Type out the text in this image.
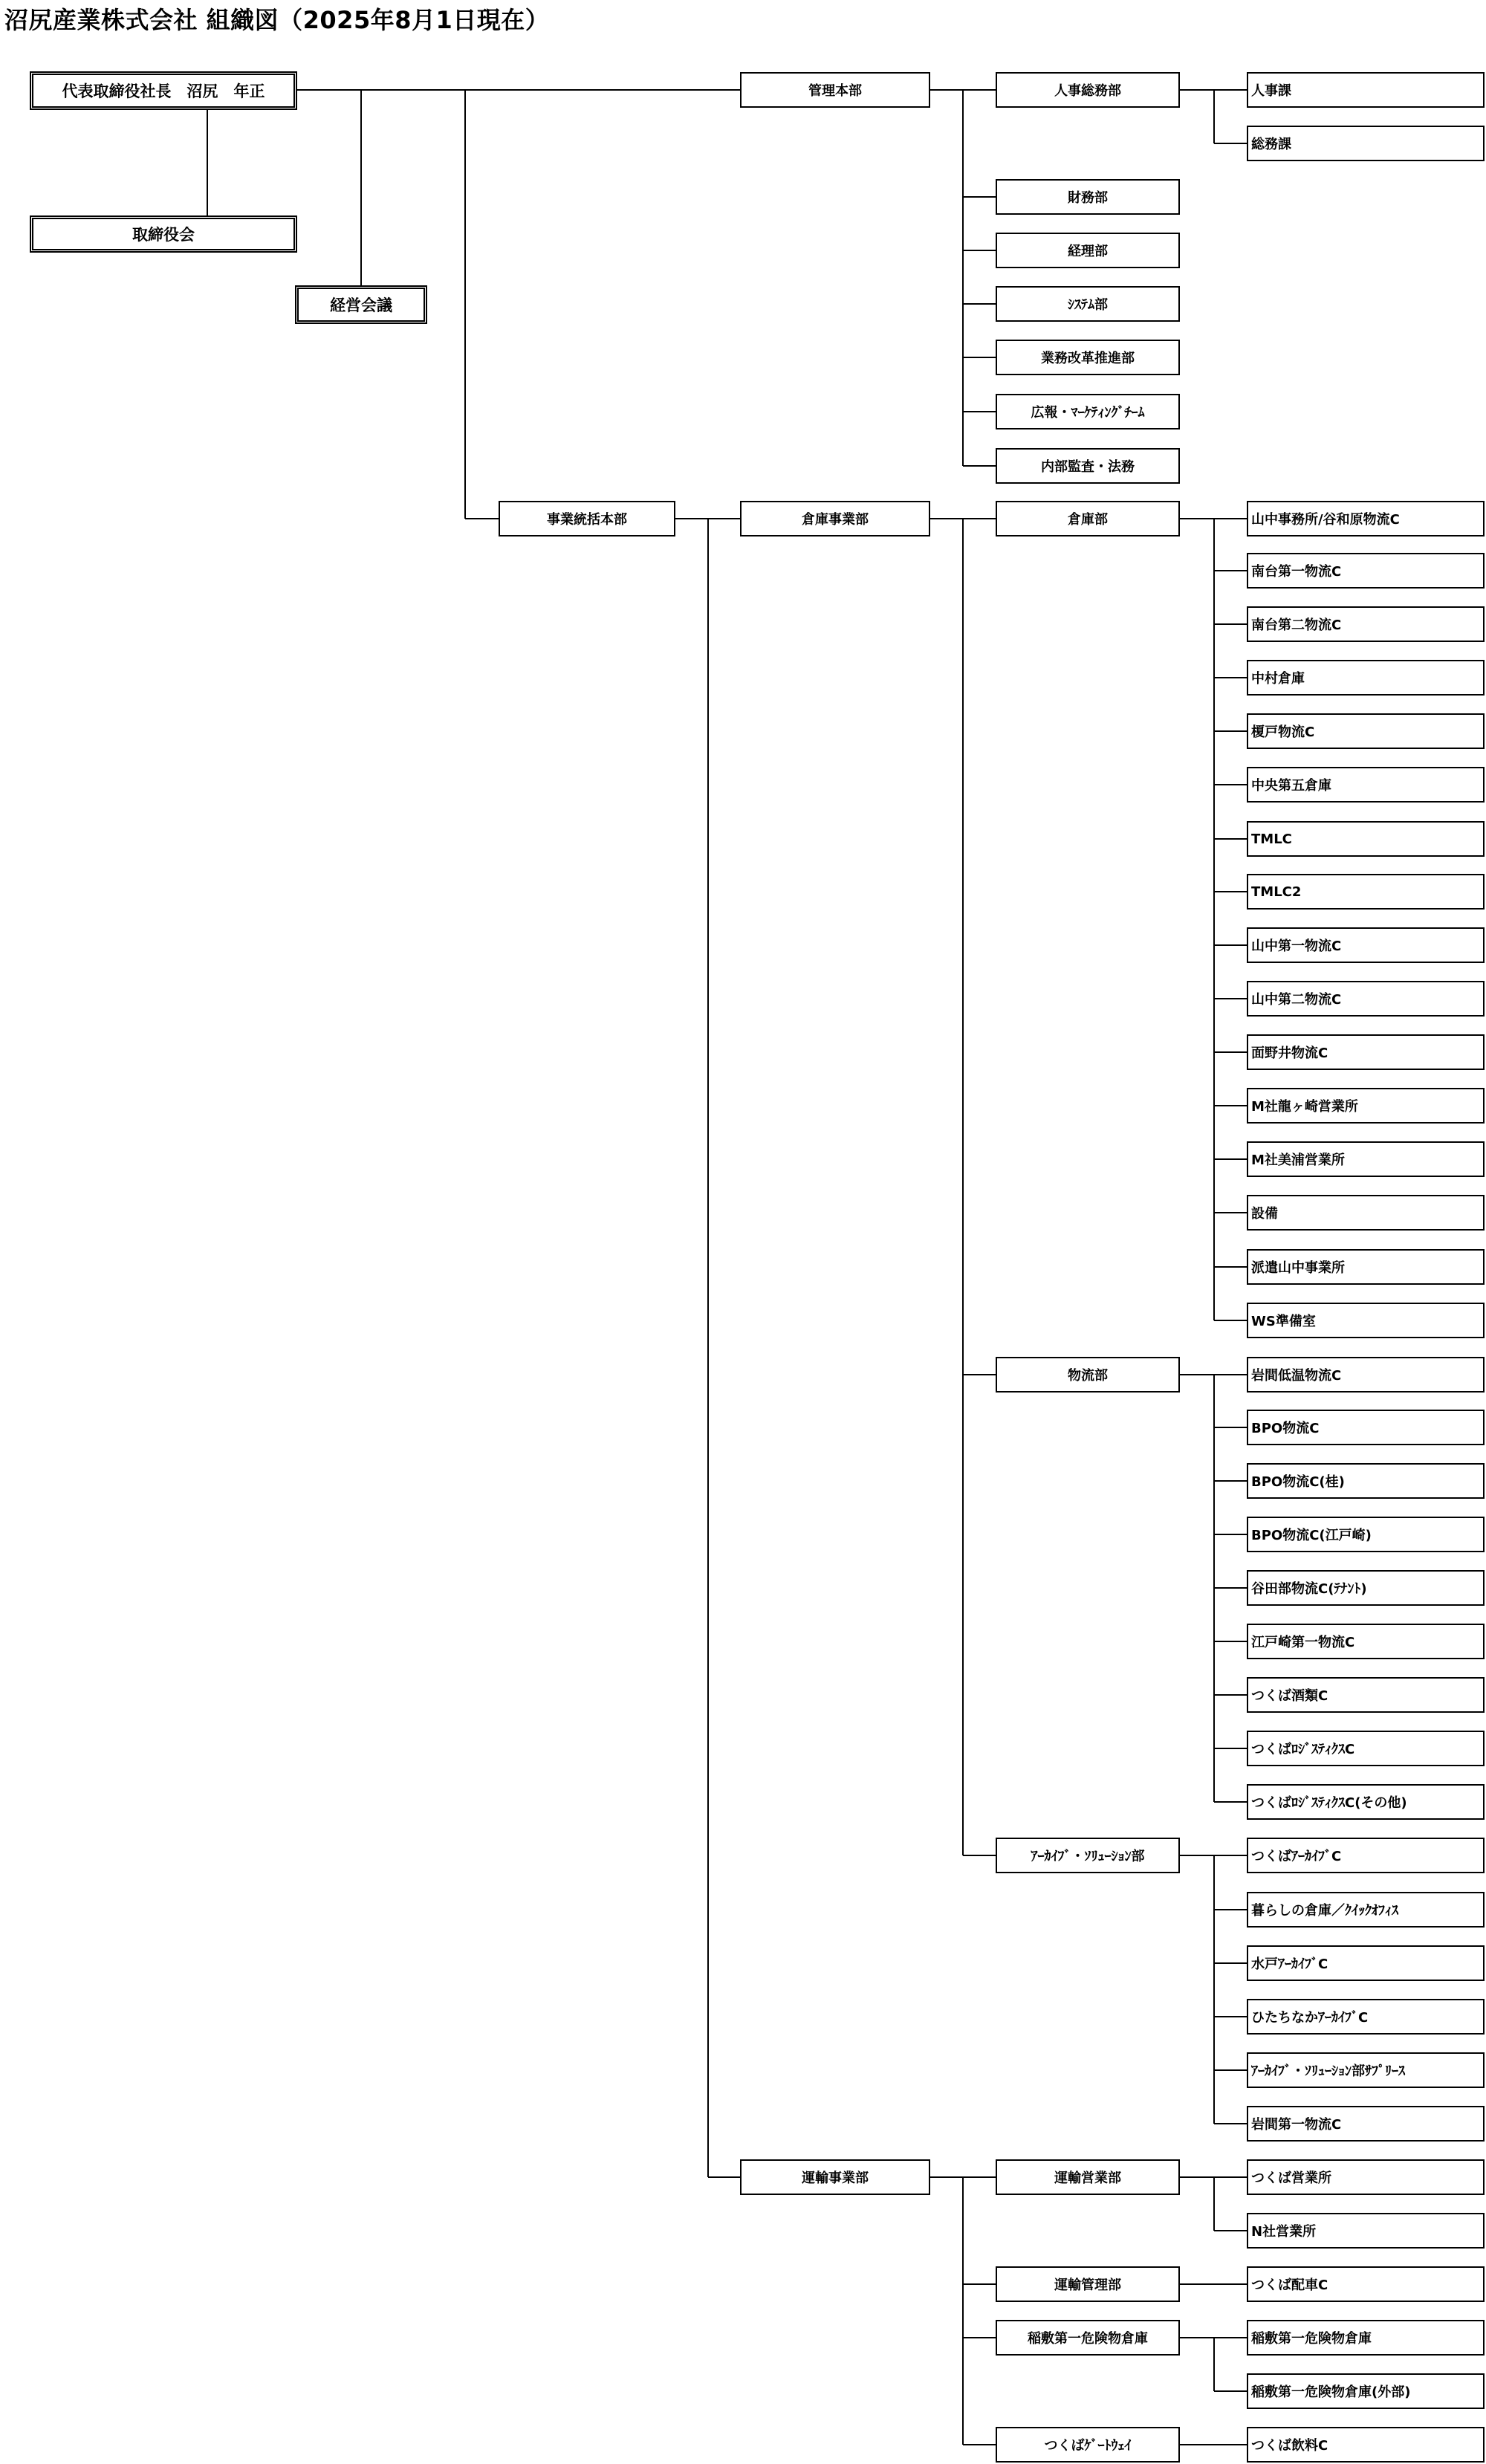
沼尻産業株式会社 組織図（2025年8月1日現在）
代表取締役社長　沼尻　年正
取締役会
経営会議
管理本部	人事総務部	人事課
総務課
財務部
経理部
ｼｽﾃﾑ部
業務改革推進部
広報・ﾏｰｹﾃｨﾝｸﾞﾁｰﾑ
内部監査・法務
事業統括本部	倉庫事業部	倉庫部	山中事務所/谷和原物流C
南台第一物流C
南台第二物流C
中村倉庫
榎戸物流C
中央第五倉庫
TMLC
TMLC2
山中第一物流C
山中第二物流C
面野井物流C
M社龍ヶ崎営業所
M社美浦営業所
設備
派遣山中事業所
WS準備室
物流部	岩間低温物流C
BPO物流C
BPO物流C(桂)
BPO物流C(江戸崎)
谷田部物流C(ﾃﾅﾝﾄ)
江戸崎第一物流C
つくば酒類C
つくばﾛｼﾞｽﾃｨｸｽC
つくばﾛｼﾞｽﾃｨｸｽC(その他)
ｱｰｶｲﾌﾞ・ｿﾘｭｰｼｮﾝ部	つくばｱｰｶｲﾌﾞC
暮らしの倉庫／ｸｲｯｸｵﾌｨｽ
水戸ｱｰｶｲﾌﾞC
ひたちなかｱｰｶｲﾌﾞC
ｱｰｶｲﾌﾞ・ｿﾘｭｰｼｮﾝ部ｻﾌﾟﾘｰｽ
岩間第一物流C
運輸事業部	運輸営業部	つくば営業所
N社営業所
運輸管理部	つくば配車C
稲敷第一危険物倉庫	稲敷第一危険物倉庫
稲敷第一危険物倉庫(外部)
つくばｹﾞｰﾄｳｪｲ	つくば飲料C
